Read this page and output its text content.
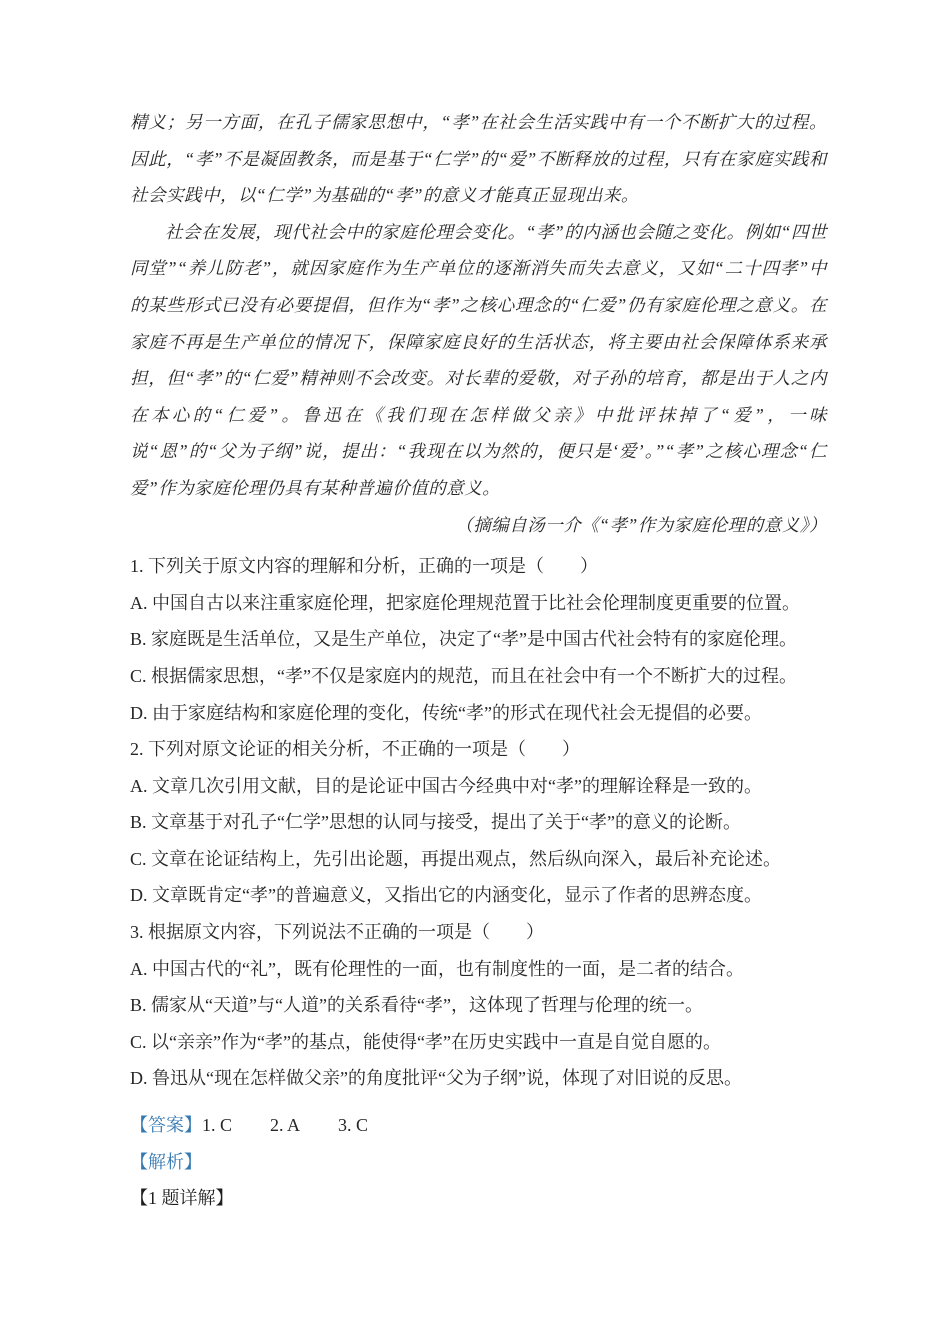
精义；另一方面，在孔子儒家思想中，“孝”在社会生活实践中有一个不断扩大的过程。因此，“孝”不是凝固教条，而是基于“仁学”的“爱”不断释放的过程，只有在家庭实践和社会实践中，以“仁学”为基础的“孝”的意义才能真正显现出来。

社会在发展，现代社会中的家庭伦理会变化。“孝”的内涵也会随之变化。例如“四世同堂”“养儿防老”，就因家庭作为生产单位的逐渐消失而失去意义，又如“二十四孝”中的某些形式已没有必要提倡，但作为“孝”之核心理念的“仁爱”仍有家庭伦理之意义。在家庭不再是生产单位的情况下，保障家庭良好的生活状态，将主要由社会保障体系来承担，但“孝”的“仁爱”精神则不会改变。对长辈的爱敬，对子孙的培育，都是出于人之内在本心的“仁爱”。鲁迅在《我们现在怎样做父亲》中批评抹掉了“爱”，一味说“恩”的“父为子纲”说，提出：“我现在以为然的，便只是‘爱’。”“孝”之核心理念“仁爱”作为家庭伦理仍具有某种普遍价值的意义。

（摘编自汤一介《“孝”作为家庭伦理的意义》）

1. 下列关于原文内容的理解和分析，正确的一项是（　　）

A. 中国自古以来注重家庭伦理，把家庭伦理规范置于比社会伦理制度更重要的位置。

B. 家庭既是生活单位，又是生产单位，决定了“孝”是中国古代社会特有的家庭伦理。

C. 根据儒家思想，“孝”不仅是家庭内的规范，而且在社会中有一个不断扩大的过程。

D. 由于家庭结构和家庭伦理的变化，传统“孝”的形式在现代社会无提倡的必要。

2. 下列对原文论证的相关分析，不正确的一项是（　　）

A. 文章几次引用文献，目的是论证中国古今经典中对“孝”的理解诠释是一致的。

B. 文章基于对孔子“仁学”思想的认同与接受，提出了关于“孝”的意义的论断。

C. 文章在论证结构上，先引出论题，再提出观点，然后纵向深入，最后补充论述。

D. 文章既肯定“孝”的普遍意义，又指出它的内涵变化，显示了作者的思辨态度。

3. 根据原文内容，下列说法不正确的一项是（　　）

A. 中国古代的“礼”，既有伦理性的一面，也有制度性的一面，是二者的结合。

B. 儒家从“天道”与“人道”的关系看待“孝”，这体现了哲理与伦理的统一。

C. 以“亲亲”作为“孝”的基点，能使得“孝”在历史实践中一直是自觉自愿的。

D. 鲁迅从“现在怎样做父亲”的角度批评“父为子纲”说，体现了对旧说的反思。

【答案】1. C 2. A 3. C

【解析】

【1 题详解】
